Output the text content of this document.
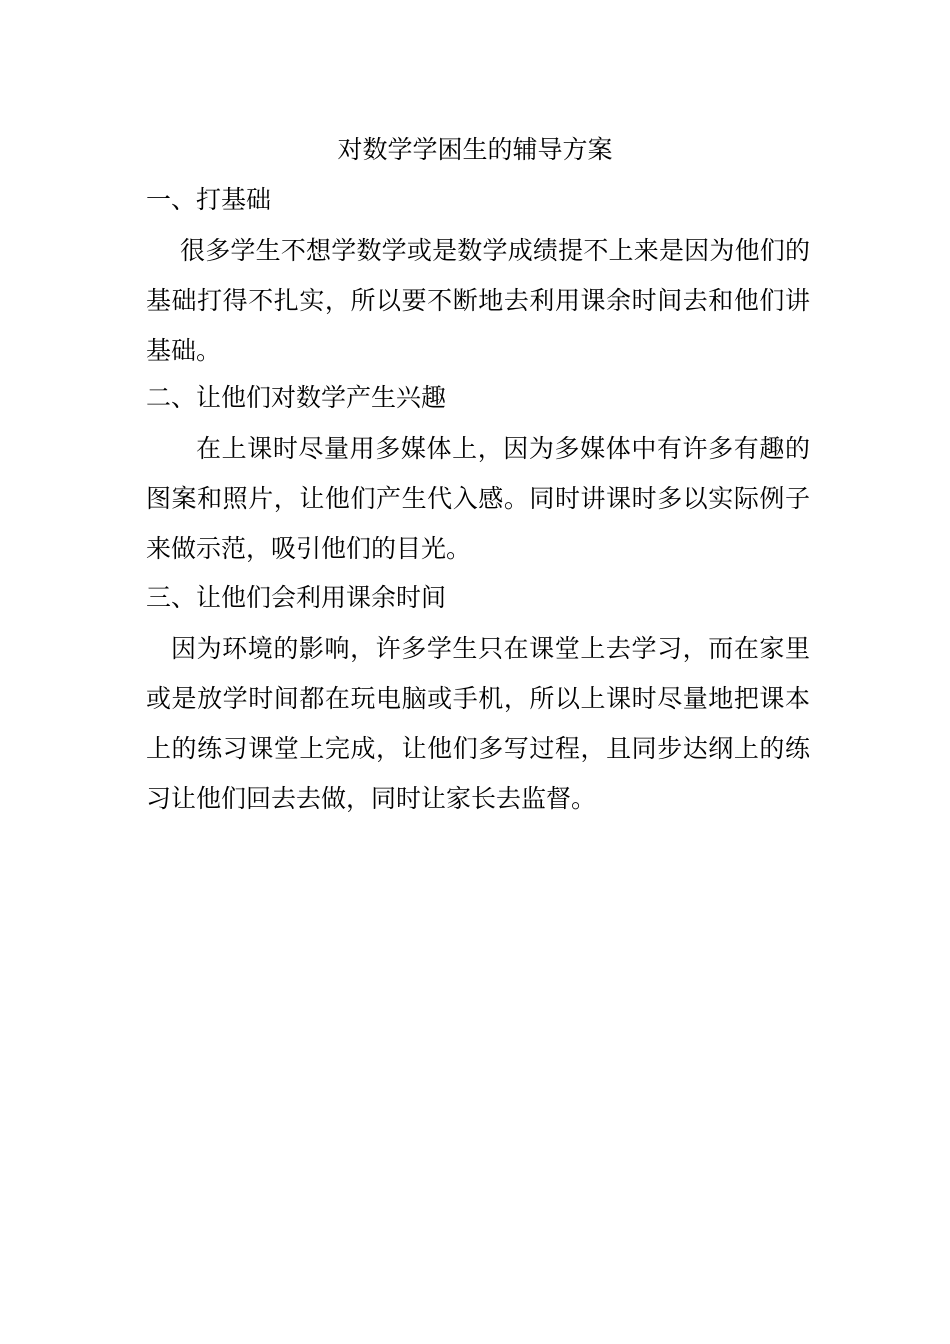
对数学学困生的辅导方案
一、打基础
很多学生不想学数学或是数学成绩提不上来是因为他们的基础打得不扎实，所以要不断地去利用课余时间去和他们讲基础。
二、让他们对数学产生兴趣
在上课时尽量用多媒体上，因为多媒体中有许多有趣的图案和照片，让他们产生代入感。同时讲课时多以实际例子来做示范，吸引他们的目光。
三、让他们会利用课余时间
因为环境的影响，许多学生只在课堂上去学习，而在家里或是放学时间都在玩电脑或手机，所以上课时尽量地把课本上的练习课堂上完成，让他们多写过程，且同步达纲上的练习让他们回去去做，同时让家长去监督。
